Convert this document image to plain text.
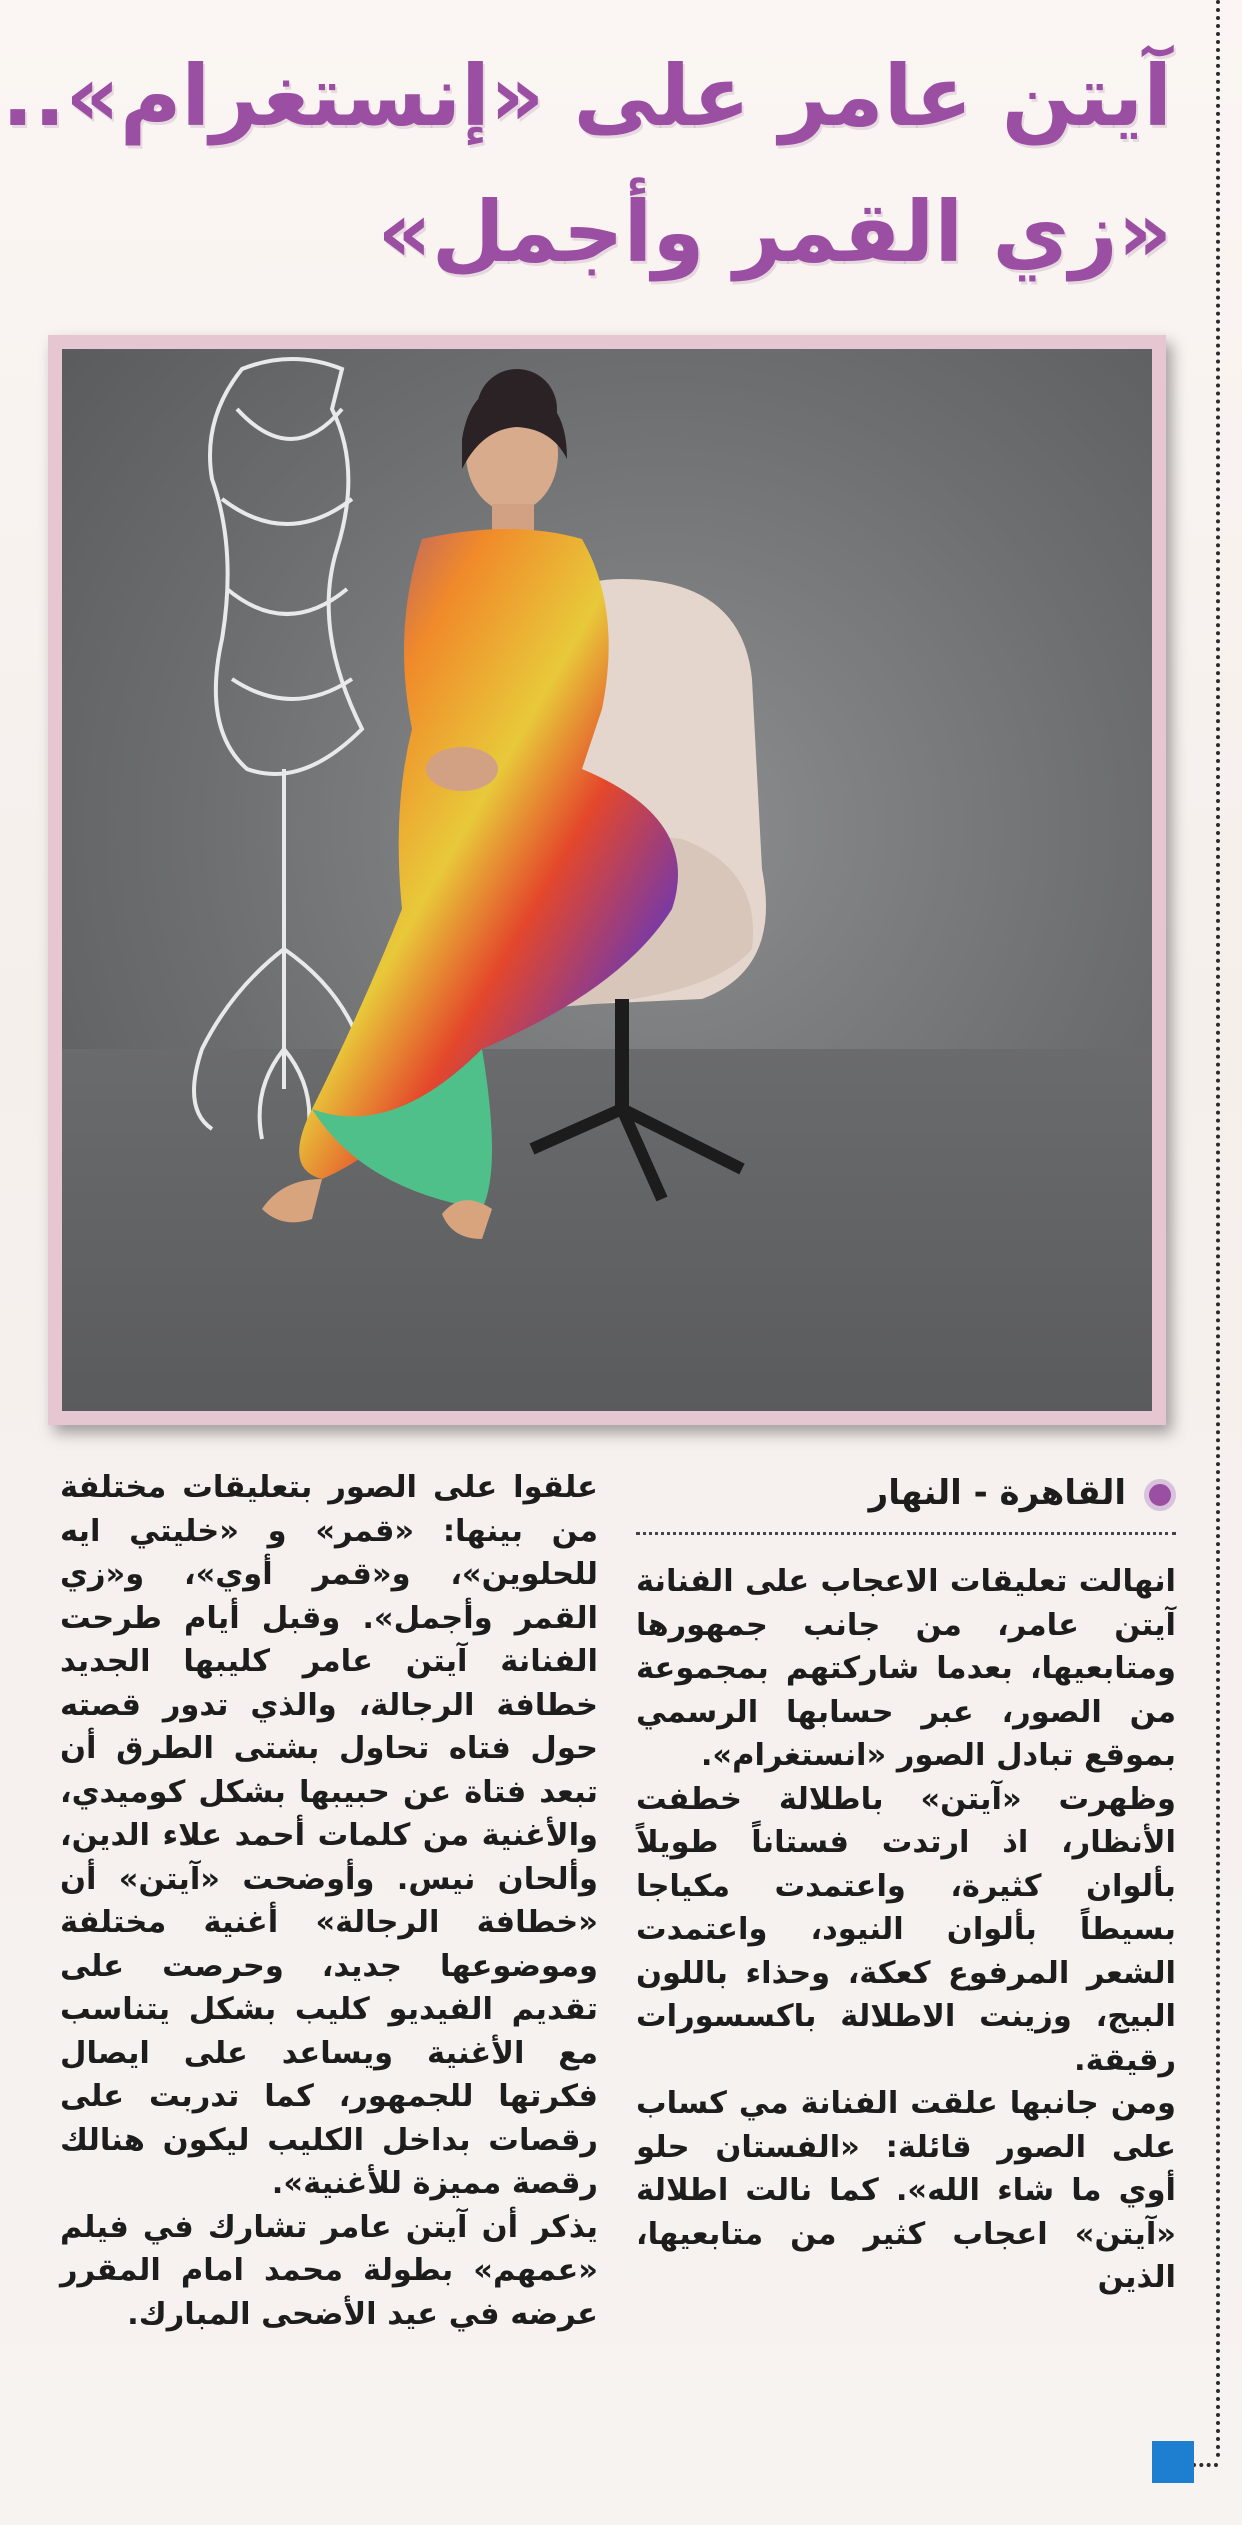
آيتن عامر على «إنستغرام»..
«زي القمر وأجمل»
القاهرة - النهار
انهالت تعليقات الاعجاب على الفنانة آيتن عامر، من جانب جمهورها ومتابعيها، بعدما شاركتهم بمجموعة من الصور، عبر حسابها الرسمي بموقع تبادل الصور «انستغرام».
وظهرت «آيتن» باطلالة خطفت الأنظار، اذ ارتدت فستاناً طويلاً بألوان كثيرة، واعتمدت مكياجا بسيطاً بألوان النيود، واعتمدت الشعر المرفوع كعكة، وحذاء باللون البيج، وزينت الاطلالة باكسسورات رقيقة.
ومن جانبها علقت الفنانة مي كساب على الصور قائلة: «الفستان حلو أوي ما شاء الله». كما نالت اطلالة «آيتن» اعجاب كثير من متابعيها، الذين
علقوا على الصور بتعليقات مختلفة من بينها: «قمر» و «خليتي ايه للحلوين»، و«قمر أوي»، و«زي القمر وأجمل». وقبل أيام طرحت الفنانة آيتن عامر كليبها الجديد خطافة الرجالة، والذي تدور قصته حول فتاه تحاول بشتى الطرق أن تبعد فتاة عن حبيبها بشكل كوميدي، والأغنية من كلمات أحمد علاء الدين، وألحان نيس. وأوضحت «آيتن» أن «خطافة الرجالة» أغنية مختلفة وموضوعها جديد، وحرصت على تقديم الفيديو كليب بشكل يتناسب مع الأغنية ويساعد على ايصال فكرتها للجمهور، كما تدربت على رقصات بداخل الكليب ليكون هنالك رقصة مميزة للأغنية».
يذكر أن آيتن عامر تشارك في فيلم «عمهم» بطولة محمد امام المقرر عرضه في عيد الأضحى المبارك.
